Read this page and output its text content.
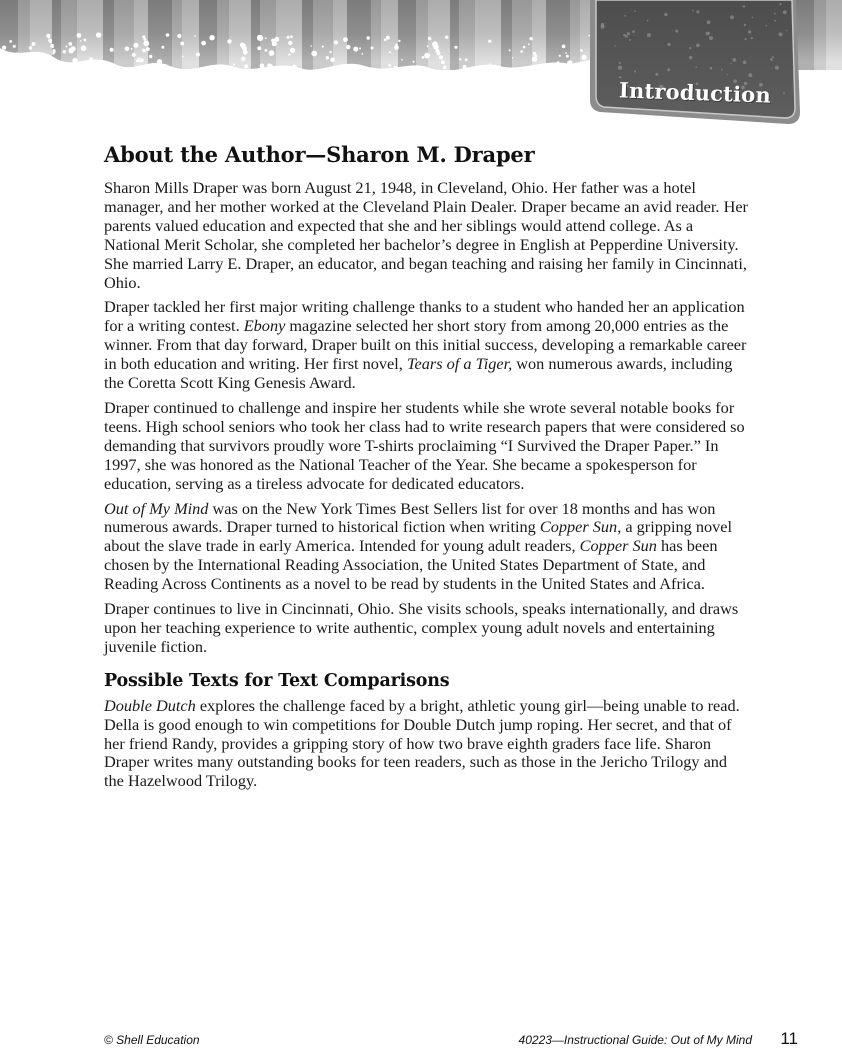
Introduction
About the Author—Sharon M. Draper

Sharon Mills Draper was born August 21, 1948, in Cleveland, Ohio. Her father was a hotel manager, and her mother worked at the Cleveland Plain Dealer. Draper became an avid reader. Her parents valued education and expected that she and her siblings would attend college. As a National Merit Scholar, she completed her bachelor’s degree in English at Pepperdine University. She married Larry E. Draper, an educator, and began teaching and raising her family in Cincinnati, Ohio.

Draper tackled her first major writing challenge thanks to a student who handed her an application for a writing contest. Ebony magazine selected her short story from among 20,000 entries as the winner. From that day forward, Draper built on this initial success, developing a remarkable career in both education and writing. Her first novel, Tears of a Tiger, won numerous awards, including the Coretta Scott King Genesis Award.

Draper continued to challenge and inspire her students while she wrote several notable books for teens. High school seniors who took her class had to write research papers that were considered so demanding that survivors proudly wore T-shirts proclaiming “I Survived the Draper Paper.” In 1997, she was honored as the National Teacher of the Year. She became a spokesperson for education, serving as a tireless advocate for dedicated educators.

Out of My Mind was on the New York Times Best Sellers list for over 18 months and has won numerous awards. Draper turned to historical fiction when writing Copper Sun, a gripping novel about the slave trade in early America. Intended for young adult readers, Copper Sun has been chosen by the International Reading Association, the United States Department of State, and Reading Across Continents as a novel to be read by students in the United States and Africa.

Draper continues to live in Cincinnati, Ohio. She visits schools, speaks internationally, and draws upon her teaching experience to write authentic, complex young adult novels and entertaining juvenile fiction.

Possible Texts for Text Comparisons

Double Dutch explores the challenge faced by a bright, athletic young girl—being unable to read. Della is good enough to win competitions for Double Dutch jump roping. Her secret, and that of her friend Randy, provides a gripping story of how two brave eighth graders face life. Sharon Draper writes many outstanding books for teen readers, such as those in the Jericho Trilogy and the Hazelwood Trilogy.

© Shell Education	40223—Instructional Guide: Out of My Mind 11
